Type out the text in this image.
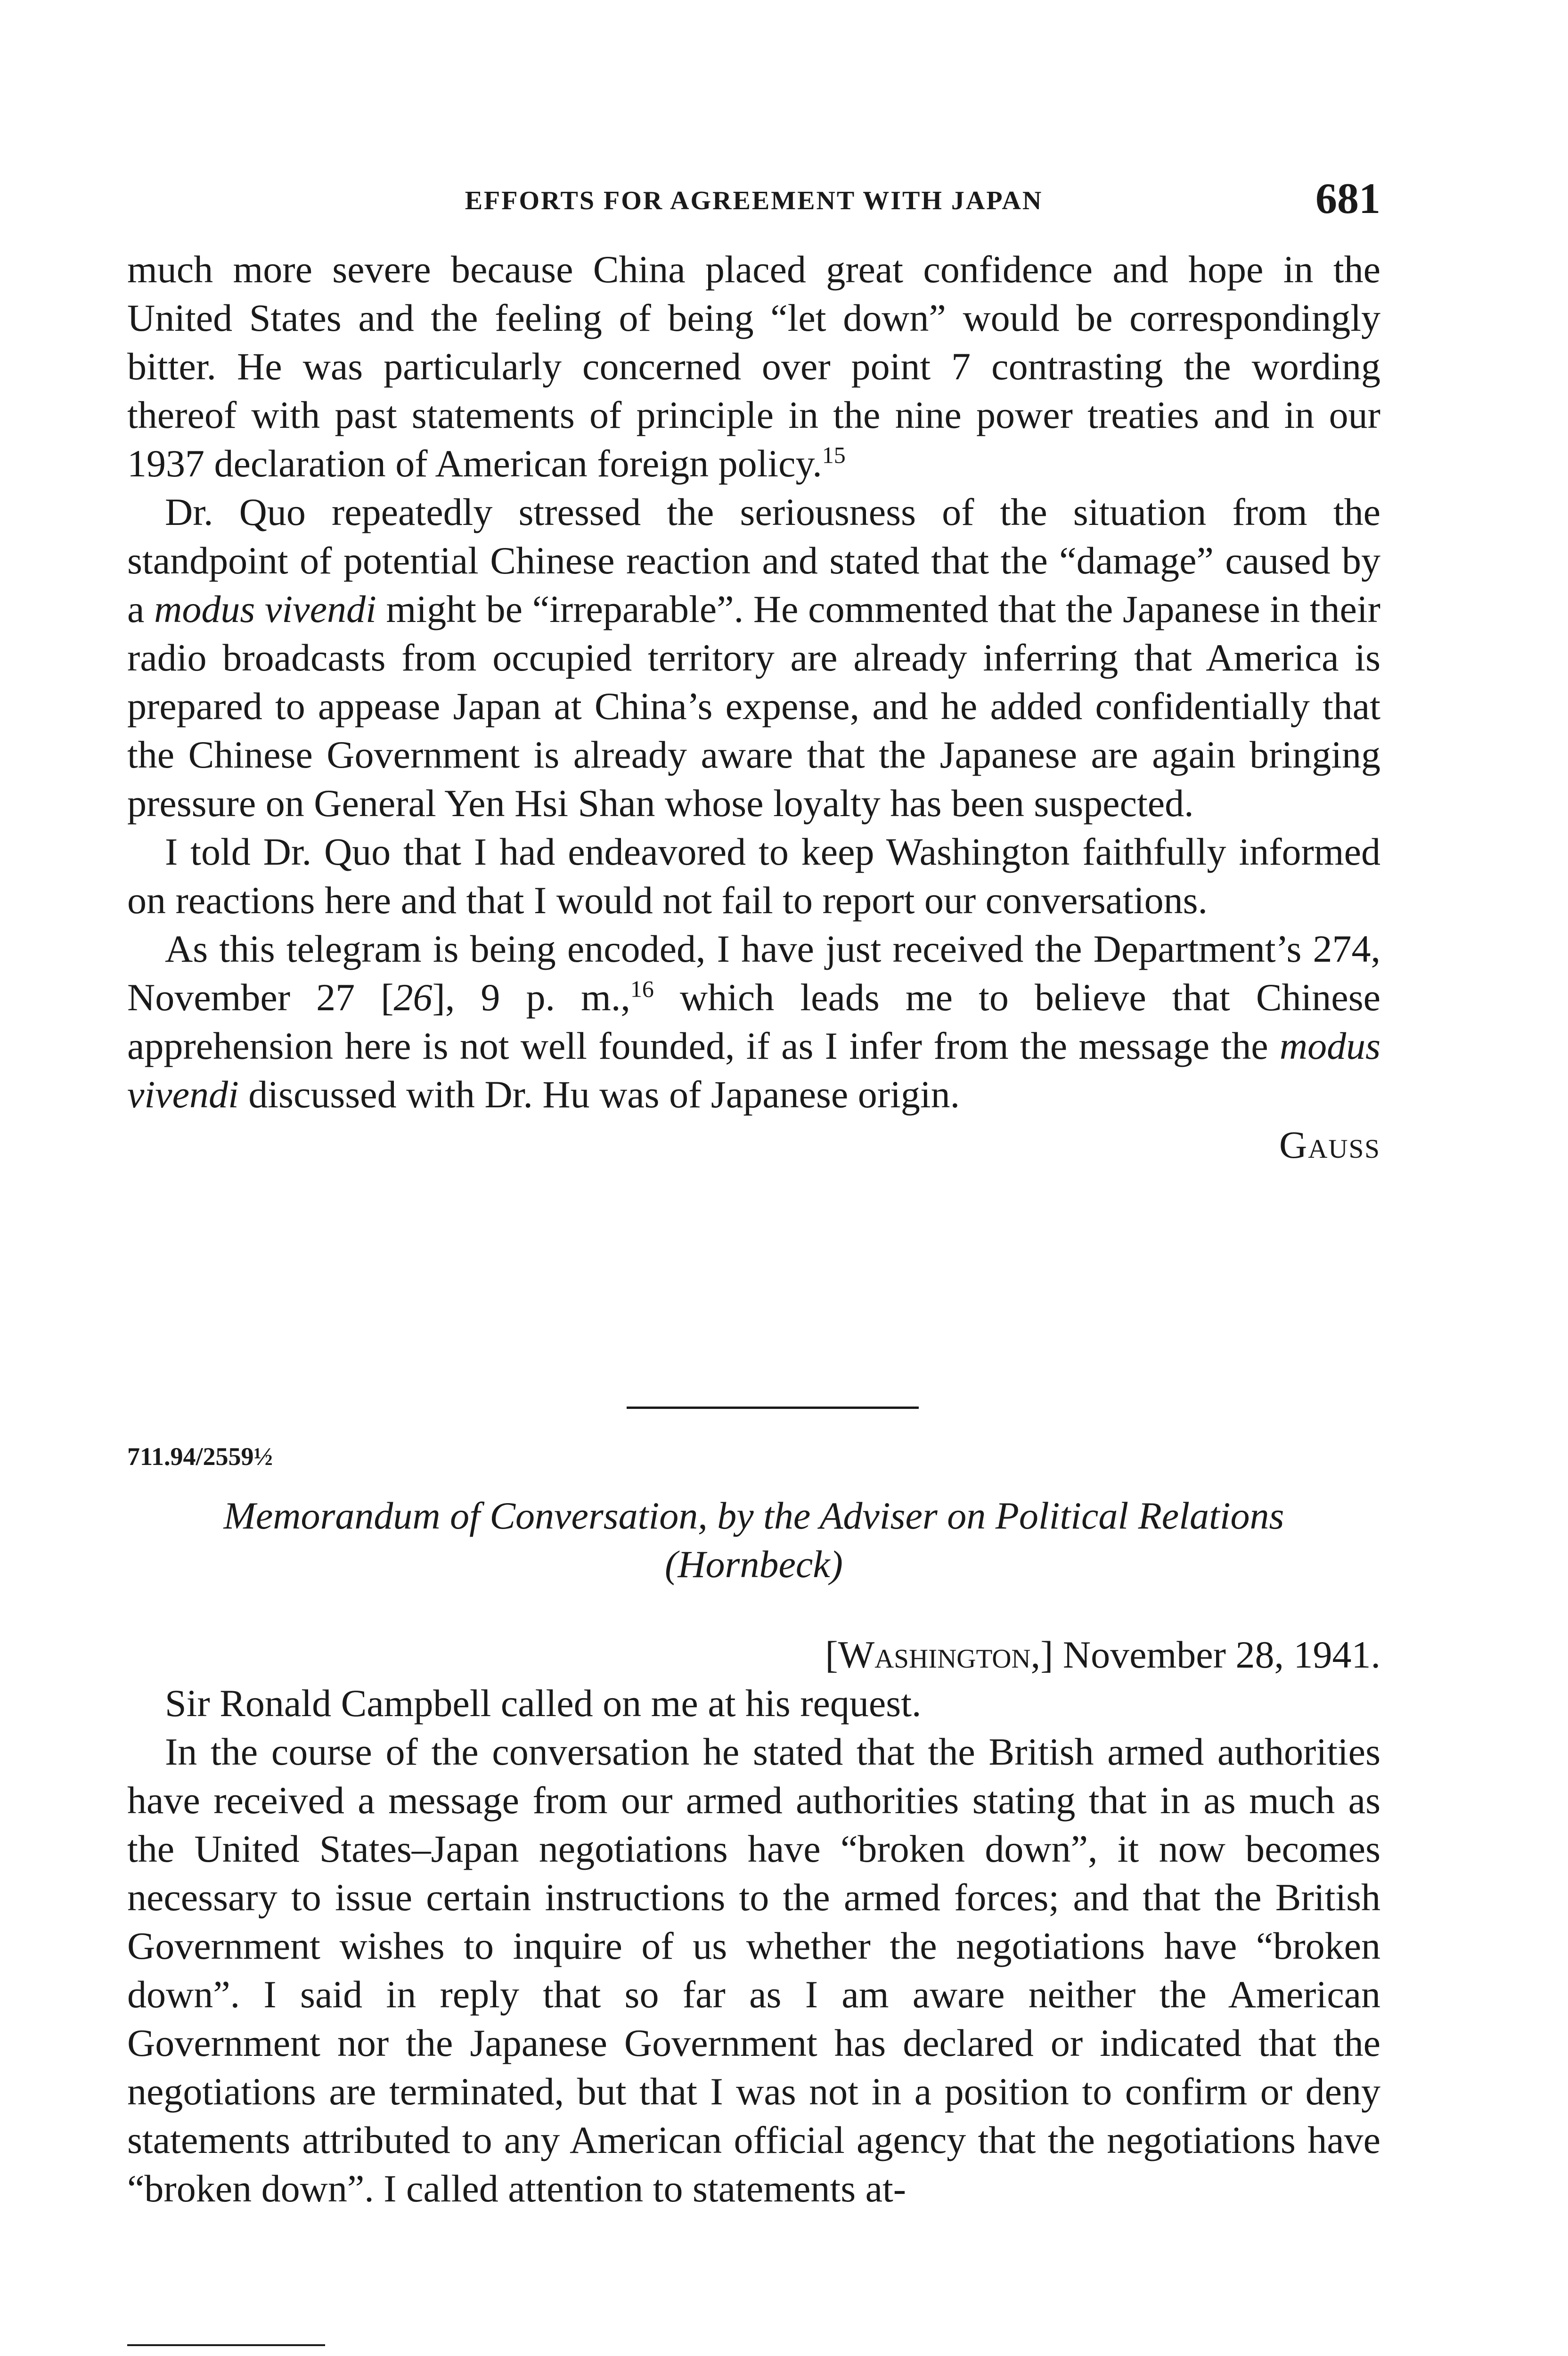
EFFORTS FOR AGREEMENT WITH JAPAN	681

much more severe because China placed great confidence and hope in the United States and the feeling of being “let down” would be correspondingly bitter. He was particularly concerned over point 7 contrasting the wording thereof with past statements of principle in the nine power treaties and in our 1937 declaration of American foreign policy.$^{15}$

Dr. Quo repeatedly stressed the seriousness of the situation from the standpoint of potential Chinese reaction and stated that the “damage” caused by a modus vivendi might be “irreparable”. He commented that the Japanese in their radio broadcasts from occupied territory are already inferring that America is prepared to appease Japan at China’s expense, and he added confidentially that the Chinese Government is already aware that the Japanese are again bringing pressure on General Yen Hsi Shan whose loyalty has been suspected.

I told Dr. Quo that I had endeavored to keep Washington faithfully informed on reactions here and that I would not fail to report our conversations.

As this telegram is being encoded, I have just received the Department’s 274, November 27 [26], 9 p. m.,$^{16}$ which leads me to believe that Chinese apprehension here is not well founded, if as I infer from the message the modus vivendi discussed with Dr. Hu was of Japanese origin.

Gauss
711.94/2559½
Memorandum of Conversation, by the Adviser on Political Relations
(Hornbeck)

[Washington,] November 28, 1941.

Sir Ronald Campbell called on me at his request.

In the course of the conversation he stated that the British armed authorities have received a message from our armed authorities stating that in as much as the United States–Japan negotiations have “broken down”, it now becomes necessary to issue certain instructions to the armed forces; and that the British Government wishes to inquire of us whether the negotiations have “broken down”. I said in reply that so far as I am aware neither the American Government nor the Japanese Government has declared or indicated that the negotiations are terminated, but that I was not in a position to confirm or deny statements attributed to any American official agency that the negotiations have “broken down”. I called attention to statements at-
